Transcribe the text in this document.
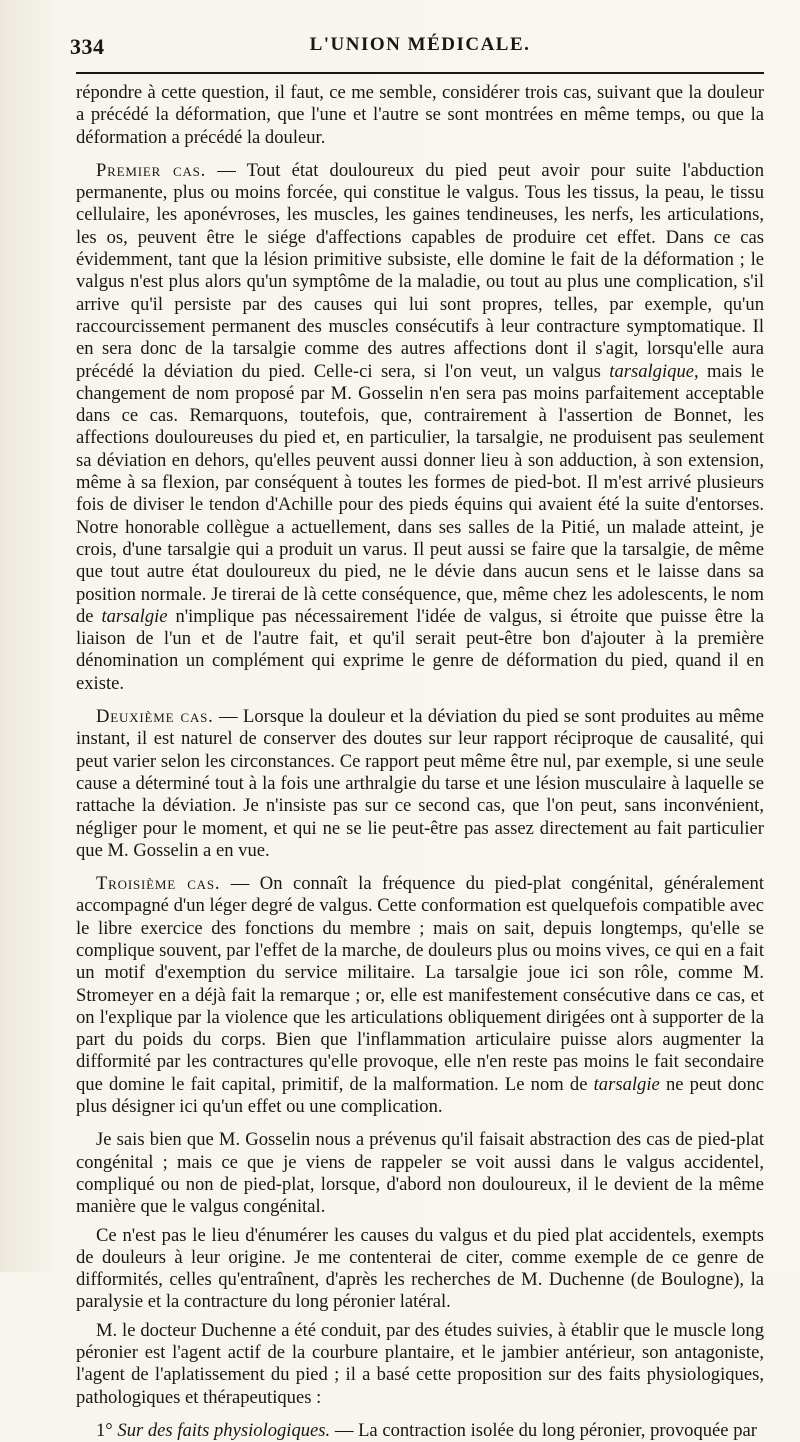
334	L'UNION MÉDICALE.

répondre à cette question, il faut, ce me semble, considérer trois cas, suivant que la douleur a précédé la déformation, que l'une et l'autre se sont montrées en même temps, ou que la déformation a précédé la douleur.

Premier cas. — Tout état douloureux du pied peut avoir pour suite l'abduction permanente, plus ou moins forcée, qui constitue le valgus. Tous les tissus, la peau, le tissu cellulaire, les aponévroses, les muscles, les gaines tendineuses, les nerfs, les articulations, les os, peuvent être le siége d'affections capables de produire cet effet. Dans ce cas évidemment, tant que la lésion primitive subsiste, elle domine le fait de la déformation ; le valgus n'est plus alors qu'un symptôme de la maladie, ou tout au plus une complication, s'il arrive qu'il persiste par des causes qui lui sont propres, telles, par exemple, qu'un raccourcissement permanent des muscles consécutifs à leur contracture symptomatique. Il en sera donc de la tarsalgie comme des autres affections dont il s'agit, lorsqu'elle aura précédé la déviation du pied. Celle-ci sera, si l'on veut, un valgus tarsalgique, mais le changement de nom proposé par M. Gosselin n'en sera pas moins parfaitement acceptable dans ce cas. Remarquons, toutefois, que, contrairement à l'assertion de Bonnet, les affections douloureuses du pied et, en particulier, la tarsalgie, ne produisent pas seulement sa déviation en dehors, qu'elles peuvent aussi donner lieu à son adduction, à son extension, même à sa flexion, par conséquent à toutes les formes de pied-bot. Il m'est arrivé plusieurs fois de diviser le tendon d'Achille pour des pieds équins qui avaient été la suite d'entorses. Notre honorable collègue a actuellement, dans ses salles de la Pitié, un malade atteint, je crois, d'une tarsalgie qui a produit un varus. Il peut aussi se faire que la tarsalgie, de même que tout autre état douloureux du pied, ne le dévie dans aucun sens et le laisse dans sa position normale. Je tirerai de là cette conséquence, que, même chez les adolescents, le nom de tarsalgie n'implique pas nécessairement l'idée de valgus, si étroite que puisse être la liaison de l'un et de l'autre fait, et qu'il serait peut-être bon d'ajouter à la première dénomination un complément qui exprime le genre de déformation du pied, quand il en existe.

Deuxième cas. — Lorsque la douleur et la déviation du pied se sont produites au même instant, il est naturel de conserver des doutes sur leur rapport réciproque de causalité, qui peut varier selon les circonstances. Ce rapport peut même être nul, par exemple, si une seule cause a déterminé tout à la fois une arthralgie du tarse et une lésion musculaire à laquelle se rattache la déviation. Je n'insiste pas sur ce second cas, que l'on peut, sans inconvénient, négliger pour le moment, et qui ne se lie peut-être pas assez directement au fait particulier que M. Gosselin a en vue.

Troisième cas. — On connaît la fréquence du pied-plat congénital, généralement accompagné d'un léger degré de valgus. Cette conformation est quelquefois compatible avec le libre exercice des fonctions du membre ; mais on sait, depuis longtemps, qu'elle se complique souvent, par l'effet de la marche, de douleurs plus ou moins vives, ce qui en a fait un motif d'exemption du service militaire. La tarsalgie joue ici son rôle, comme M. Stromeyer en a déjà fait la remarque ; or, elle est manifestement consécutive dans ce cas, et on l'explique par la violence que les articulations obliquement dirigées ont à supporter de la part du poids du corps. Bien que l'inflammation articulaire puisse alors augmenter la difformité par les contractures qu'elle provoque, elle n'en reste pas moins le fait secondaire que domine le fait capital, primitif, de la malformation. Le nom de tarsalgie ne peut donc plus désigner ici qu'un effet ou une complication.

Je sais bien que M. Gosselin nous a prévenus qu'il faisait abstraction des cas de pied-plat congénital ; mais ce que je viens de rappeler se voit aussi dans le valgus accidentel, compliqué ou non de pied-plat, lorsque, d'abord non douloureux, il le devient de la même manière que le valgus congénital.

Ce n'est pas le lieu d'énumérer les causes du valgus et du pied plat accidentels, exempts de douleurs à leur origine. Je me contenterai de citer, comme exemple de ce genre de difformités, celles qu'entraînent, d'après les recherches de M. Duchenne (de Boulogne), la paralysie et la contracture du long péronier latéral.

M. le docteur Duchenne a été conduit, par des études suivies, à établir que le muscle long péronier est l'agent actif de la courbure plantaire, et le jambier antérieur, son antagoniste, l'agent de l'aplatissement du pied ; il a basé cette proposition sur des faits physiologiques, pathologiques et thérapeutiques :

1° Sur des faits physiologiques. — La contraction isolée du long péronier, provoquée par
